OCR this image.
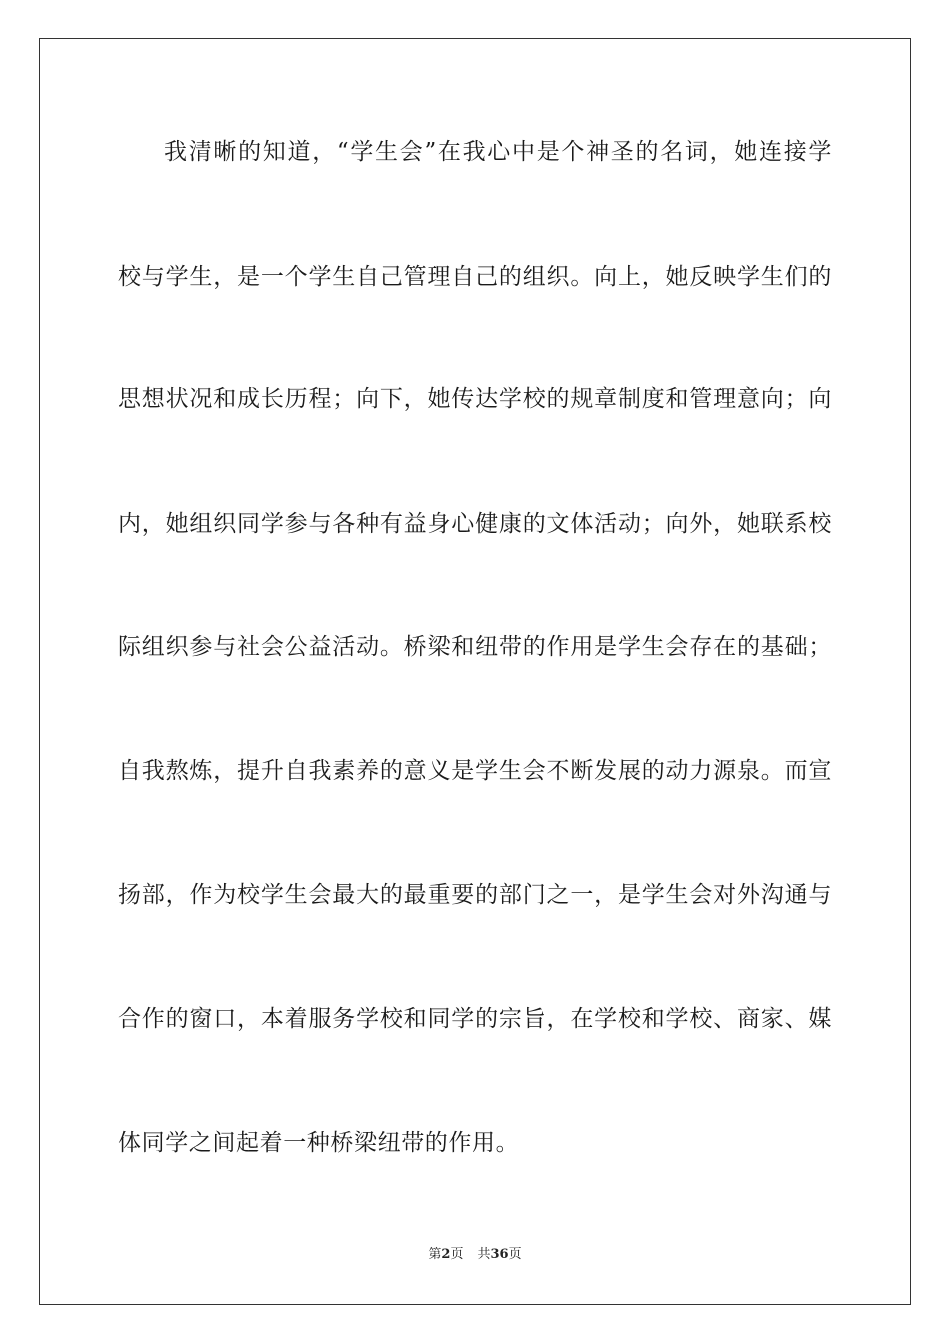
我清晰的知道，“学生会”在我心中是个神圣的名词，她连接学
校与学生，是一个学生自己管理自己的组织。向上，她反映学生们的
思想状况和成长历程；向下，她传达学校的规章制度和管理意向；向
内，她组织同学参与各种有益身心健康的文体活动；向外，她联系校
际组织参与社会公益活动。桥梁和纽带的作用是学生会存在的基础；
自我熬炼，提升自我素养的意义是学生会不断发展的动力源泉。而宣
扬部，作为校学生会最大的最重要的部门之一，是学生会对外沟通与
合作的窗口，本着服务学校和同学的宗旨，在学校和学校、商家、媒
体同学之间起着一种桥梁纽带的作用。
第2页 共36页
